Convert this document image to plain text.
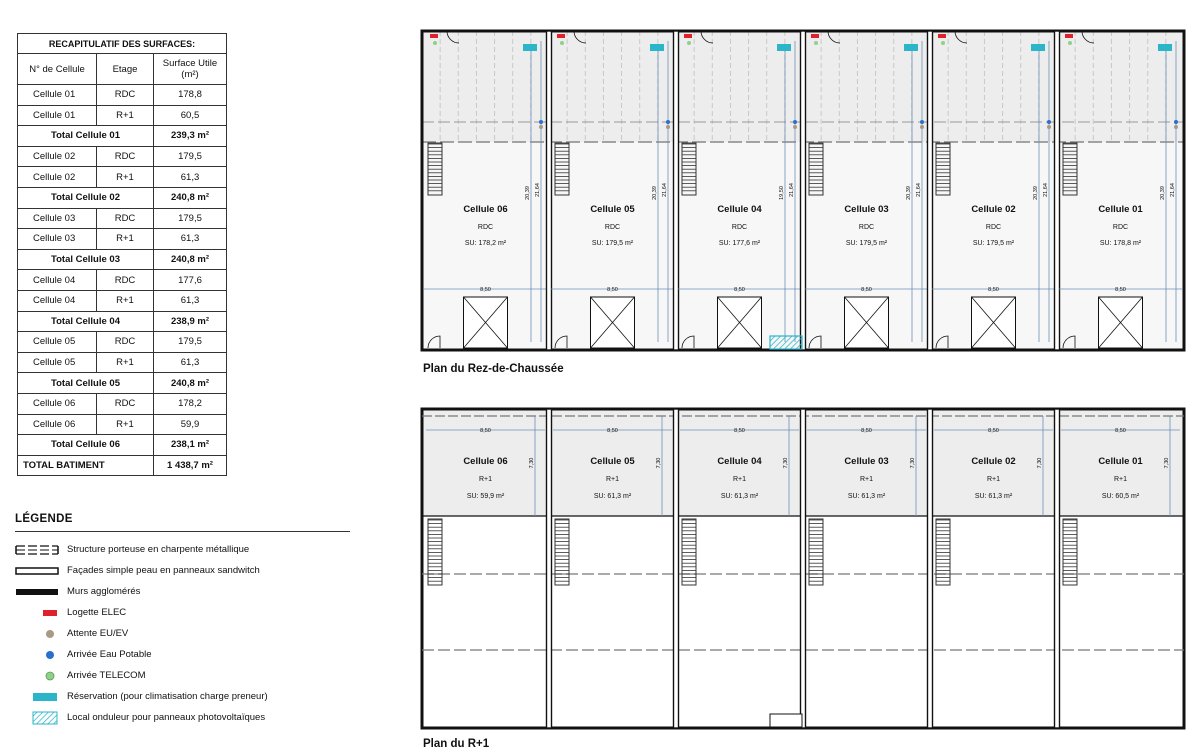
RECAPITULATIF DES SURFACES:		
N° de Cellule	Etage	Surface Utile (m²)
Cellule 01	RDC	178,8
Cellule 01	R+1	60,5
Total Cellule 01		239,3 m²
Cellule 02	RDC	179,5
Cellule 02	R+1	61,3
Total Cellule 02		240,8 m²
Cellule 03	RDC	179,5
Cellule 03	R+1	61,3
Total Cellule 03		240,8 m²
Cellule 04	RDC	177,6
Cellule 04	R+1	61,3
Total Cellule 04		238,9 m²
Cellule 05	RDC	179,5
Cellule 05	R+1	61,3
Total Cellule 05		240,8 m²
Cellule 06	RDC	178,2
Cellule 06	R+1	59,9
Total Cellule 06		238,1 m²
TOTAL BATIMENT		1 438,7 m²
LÉGENDE
Structure porteuse en charpente métallique
Façades simple peau en panneaux sandwitch
Murs agglomérés
Logette ELEC
Attente EU/EV
Arrivée Eau Potable
Arrivée TELECOM
Réservation (pour climatisation charge preneur)
Local onduleur pour panneaux photovoltaïques
Cellule 06
RDC
SU: 178,2 m²
20,39 21,64
8,50
Cellule 05
RDC
SU: 179,5 m²
20,39 21,64
8,50
Cellule 04
RDC
SU: 177,6 m²
19,50 21,64
8,50
Cellule 03
RDC
SU: 179,5 m²
20,39 21,64
8,50
Cellule 02
RDC
SU: 179,5 m²
20,39 21,64
8,50
Cellule 01
RDC
SU: 178,8 m²
20,39 21,64
8,50
Plan du Rez-de-Chaussée
Cellule 06
R+1
SU: 59,9 m²
8,50
7,30	Cellule 05
R+1
SU: 61,3 m²
8,50
7,30	Cellule 04
R+1
SU: 61,3 m²
8,50
7,30	Cellule 03
R+1
SU: 61,3 m²
8,50
7,30	Cellule 02
R+1
SU: 61,3 m²
8,50
7,30	Cellule 01
R+1
SU: 60,5 m²
8,50
7,30
Plan du R+1
